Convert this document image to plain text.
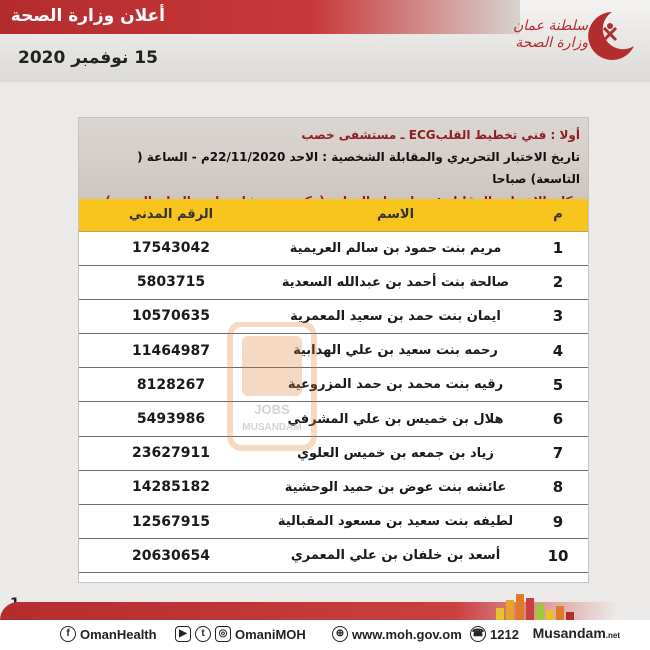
أعلان وزارة الصحة
15 نوفمبر 2020
سلطنة عمان
وزارة الصحة
أولا : فني تخطيط القلبECG ـ مستشفى خصب
تاريخ الاختبار التحريري والمقابلة الشخصية : الاحد 22/11/2020م - الساعة ( التاسعة) صباحا
م	الاسم	الرقم المدني
1	مريم بنت حمود بن سالم العريمية	17543042
2	صالحة بنت أحمد بن عبدالله السعدية	5803715
3	ايمان بنت حمد بن سعيد المعمرية	10570635
4	رحمه بنت سعيد بن علي الهدابية	11464987
5	رقيه بنت محمد بن حمد المزروعية	8128267
6	هلال بن خميس بن علي المشرفي	5493986
7	زياد بن جمعه بن خميس العلوي	23627911
8	عائشه بنت عوض بن حميد الوحشية	14285182
9	لطيفه بنت سعيد بن مسعود المقبالية	12567915
10	أسعد بن خلفان بن علي المعمري	20630654
JOBS
MUSANDAM
f OmanHealth	▶	t	◎ OmaniMOH	⊕ www.moh.gov.om ☎ 1212 Musandam.net
